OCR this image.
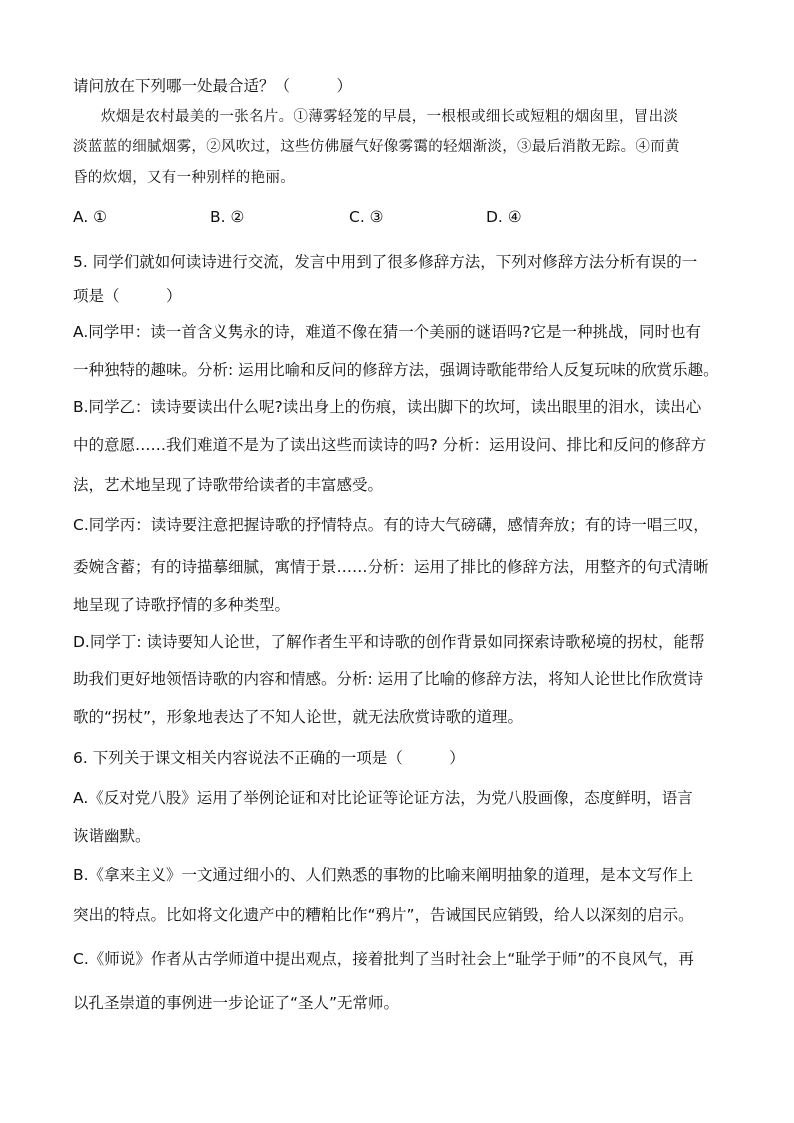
请问放在下列哪一处最合适？（　　　）
炊烟是农村最美的一张名片。①薄雾轻笼的早晨，一根根或细长或短粗的烟囱里，冒出淡
淡蓝蓝的细腻烟雾，②风吹过，这些仿佛蜃气好像雾霭的轻烟渐淡，③最后消散无踪。④而黄
昏的炊烟，又有一种别样的艳丽。
A. ①	B. ②	C. ③	D. ④
5. 同学们就如何读诗进行交流，发言中用到了很多修辞方法，下列对修辞方法分析有误的一
项是（　　　）
A.同学甲：读一首含义隽永的诗，难道不像在猜一个美丽的谜语吗?它是一种挑战，同时也有
一种独特的趣味。分析: 运用比喻和反问的修辞方法，强调诗歌能带给人反复玩味的欣赏乐趣。
B.同学乙：读诗要读出什么呢?读出身上的伤痕，读出脚下的坎坷，读出眼里的泪水，读出心
中的意愿……我们难道不是为了读出这些而读诗的吗? 分析：运用设问、排比和反问的修辞方
法，艺术地呈现了诗歌带给读者的丰富感受。
C.同学丙：读诗要注意把握诗歌的抒情特点。有的诗大气磅礴，感情奔放；有的诗一唱三叹，
委婉含蓄；有的诗描摹细腻，寓情于景……分析：运用了排比的修辞方法，用整齐的句式清晰
地呈现了诗歌抒情的多种类型。
D.同学丁: 读诗要知人论世，了解作者生平和诗歌的创作背景如同探索诗歌秘境的拐杖，能帮
助我们更好地领悟诗歌的内容和情感。分析: 运用了比喻的修辞方法，将知人论世比作欣赏诗
歌的“拐杖”，形象地表达了不知人论世，就无法欣赏诗歌的道理。
6. 下列关于课文相关内容说法不正确的一项是（　　　）
A.《反对党八股》运用了举例论证和对比论证等论证方法，为党八股画像，态度鲜明，语言
诙谐幽默。
B.《拿来主义》一文通过细小的、人们熟悉的事物的比喻来阐明抽象的道理，是本文写作上
突出的特点。比如将文化遗产中的糟粕比作“鸦片”，告诫国民应销毁，给人以深刻的启示。
C.《师说》作者从古学师道中提出观点，接着批判了当时社会上“耻学于师”的不良风气，再
以孔圣崇道的事例进一步论证了“圣人”无常师。
